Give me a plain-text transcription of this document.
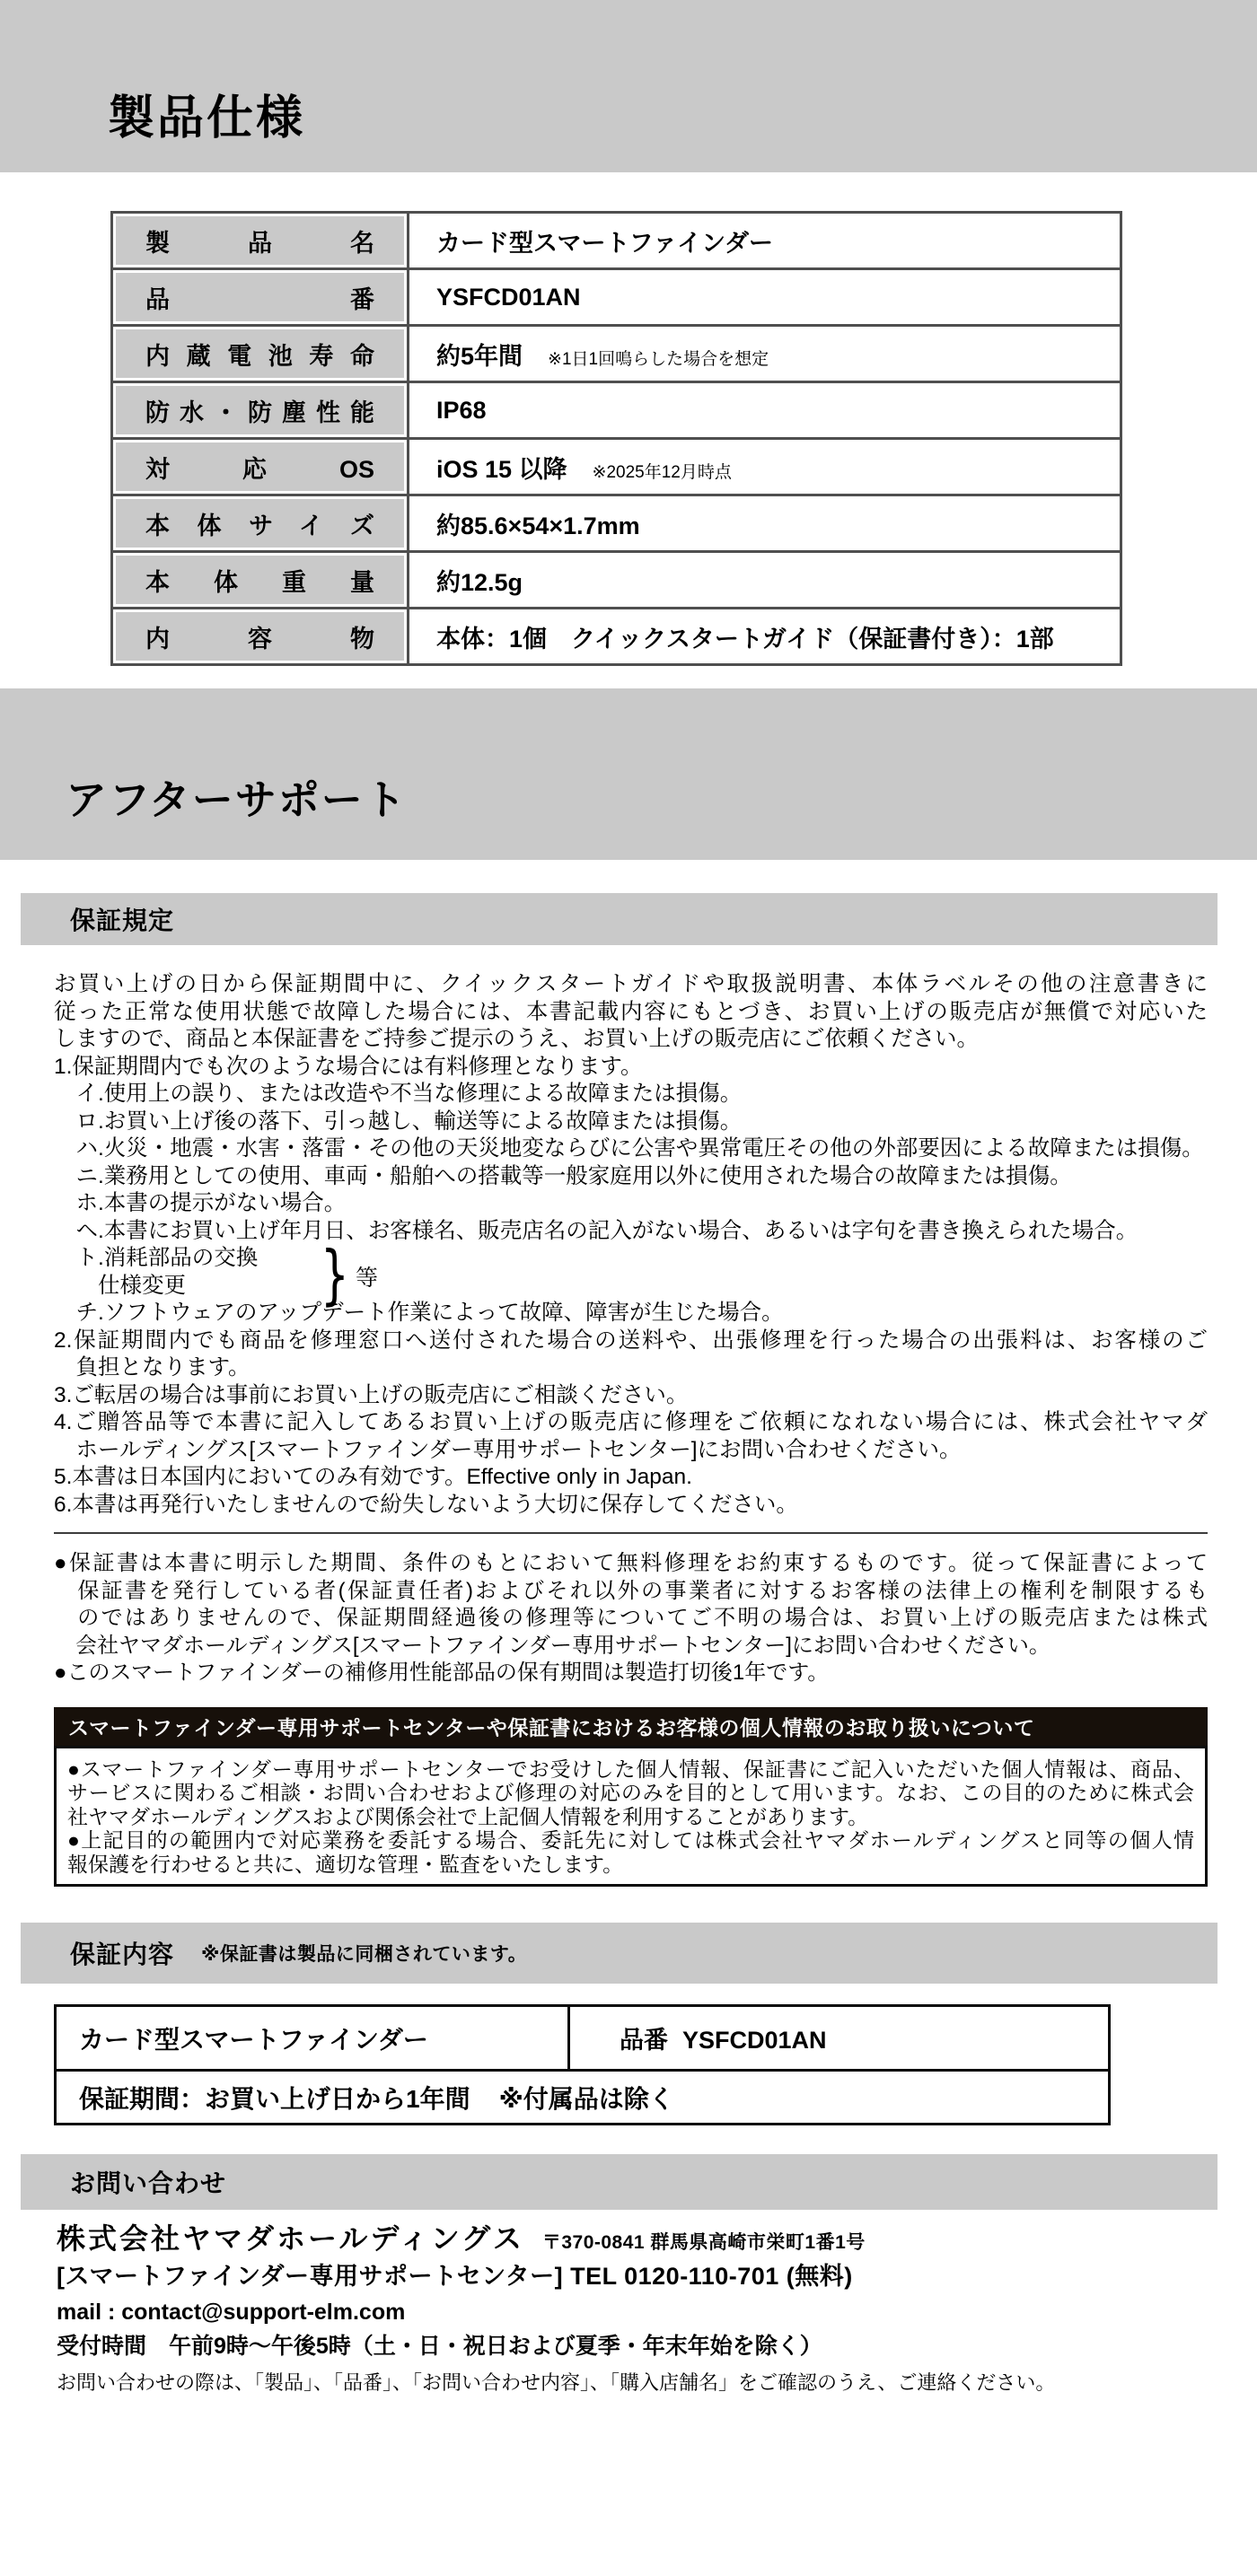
製品仕様
製品名	カード型スマートファインダー
品番	YSFCD01AN
内蔵電池寿命	約5年間 ※1日1回鳴らした場合を想定
防水・防塵性能	IP68
対応OS	iOS 15 以降 ※2025年12月時点
本体サイズ	約85.6×54×1.7mm
本体重量	約12.5g
内容物	本体：1個　クイックスタートガイド（保証書付き）：1部
アフターサポート
保証規定
お買い上げの日から保証期間中に、クイックスタートガイドや取扱説明書、本体ラベルその他の注意書きに
従った正常な使用状態で故障した場合には、本書記載内容にもとづき、お買い上げの販売店が無償で対応いた
しますので、商品と本保証書をご持参ご提示のうえ、お買い上げの販売店にご依頼ください。
1.保証期間内でも次のような場合には有料修理となります。
　イ.使用上の誤り、または改造や不当な修理による故障または損傷。
　ロ.お買い上げ後の落下、引っ越し、輸送等による故障または損傷。
　ハ.火災・地震・水害・落雷・その他の天災地変ならびに公害や異常電圧その他の外部要因による故障または損傷。
　ニ.業務用としての使用、車両・船舶への搭載等一般家庭用以外に使用された場合の故障または損傷。
　ホ.本書の提示がない場合。
　ヘ.本書にお買い上げ年月日、お客様名、販売店名の記入がない場合、あるいは字句を書き換えられた場合。
　ト.消耗部品の交換
　　仕様変更
　チ.ソフトウェアのアップデート作業によって故障、障害が生じた場合。
2.保証期間内でも商品を修理窓口へ送付された場合の送料や、出張修理を行った場合の出張料は、お客様のご
　負担となります。
3.ご転居の場合は事前にお買い上げの販売店にご相談ください。
4.ご贈答品等で本書に記入してあるお買い上げの販売店に修理をご依頼になれない場合には、株式会社ヤマダ
　ホールディングス[スマートファインダー専用サポートセンター]にお問い合わせください。
5.本書は日本国内においてのみ有効です。Effective only in Japan.
6.本書は再発行いたしませんので紛失しないよう大切に保存してください。
} 等
●保証書は本書に明示した期間、条件のもとにおいて無料修理をお約束するものです。従って保証書によって
　保証書を発行している者(保証責任者)およびそれ以外の事業者に対するお客様の法律上の権利を制限するも
　のではありませんので、保証期間経過後の修理等についてご不明の場合は、お買い上げの販売店または株式
　会社ヤマダホールディングス[スマートファインダー専用サポートセンター]にお問い合わせください。
●このスマートファインダーの補修用性能部品の保有期間は製造打切後1年です。
スマートファインダー専用サポートセンターや保証書におけるお客様の個人情報のお取り扱いについて
●スマートファインダー専用サポートセンターでお受けした個人情報、保証書にご記入いただいた個人情報は、商品、
サービスに関わるご相談・お問い合わせおよび修理の対応のみを目的として用います。なお、この目的のために株式会
社ヤマダホールディングスおよび関係会社で上記個人情報を利用することがあります。
●上記目的の範囲内で対応業務を委託する場合、委託先に対しては株式会社ヤマダホールディングスと同等の個人情
報保護を行わせると共に、適切な管理・監査をいたします。
保証内容 ※保証書は製品に同梱されています。
カード型スマートファインダー	品番 YSFCD01AN
保証期間：お買い上げ日から1年間 ※付属品は除く
お問い合わせ
株式会社ヤマダホールディングス 〒370-0841 群馬県高崎市栄町1番1号
[スマートファインダー専用サポートセンター] TEL 0120-110-701 (無料)
mail : contact@support-elm.com
受付時間　午前9時～午後5時（土・日・祝日および夏季・年末年始を除く）
お問い合わせの際は、「製品」、「品番」、「お問い合わせ内容」、「購入店舗名」をご確認のうえ、ご連絡ください。
